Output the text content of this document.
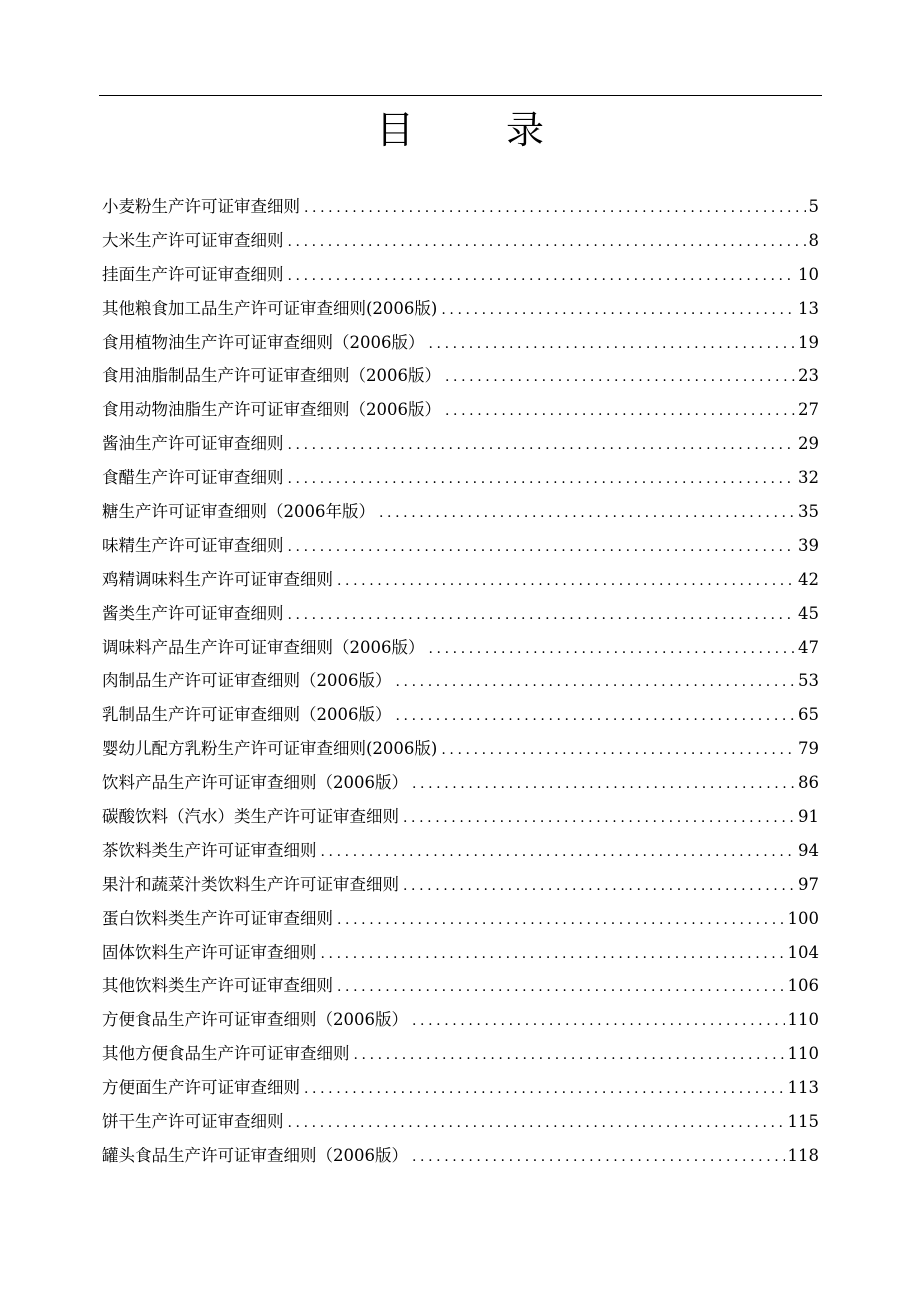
目 录
小麦粉生产许可证审查细则 .....	5
大米生产许可证审查细则 .....	8
挂面生产许可证审查细则 .....	10
其他粮食加工品生产许可证审查细则(2006版) .....	13
食用植物油生产许可证审查细则（2006版） .....	19
食用油脂制品生产许可证审查细则（2006版） .....	23
食用动物油脂生产许可证审查细则（2006版） .....	27
酱油生产许可证审查细则 .....	29
食醋生产许可证审查细则 .....	32
糖生产许可证审查细则（2006年版） .....	35
味精生产许可证审查细则 .....	39
鸡精调味料生产许可证审查细则 .....	42
酱类生产许可证审查细则 .....	45
调味料产品生产许可证审查细则（2006版） .....	47
肉制品生产许可证审查细则（2006版） .....	53
乳制品生产许可证审查细则（2006版） .....	65
婴幼儿配方乳粉生产许可证审查细则(2006版) .....	79
饮料产品生产许可证审查细则（2006版） .....	86
碳酸饮料（汽水）类生产许可证审查细则 .....	91
茶饮料类生产许可证审查细则 .....	94
果汁和蔬菜汁类饮料生产许可证审查细则 .....	97
蛋白饮料类生产许可证审查细则 .....	100
固体饮料生产许可证审查细则 .....	104
其他饮料类生产许可证审查细则 .....	106
方便食品生产许可证审查细则（2006版） .....	110
其他方便食品生产许可证审查细则 .....	110
方便面生产许可证审查细则 .....	113
饼干生产许可证审查细则 .....	115
罐头食品生产许可证审查细则（2006版） .....	118
